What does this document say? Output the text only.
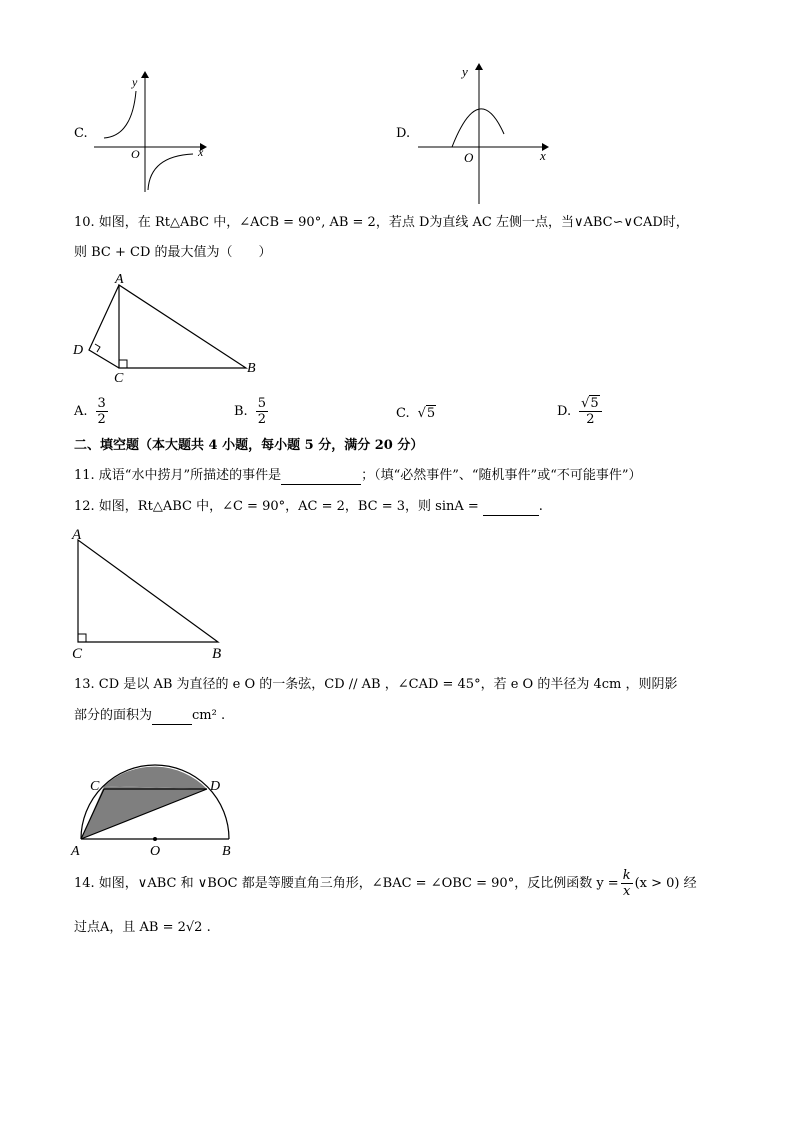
C.
y
x
O
D.
y
x
O
10. 如图，在 Rt△ABC 中，∠ACB = 90°, AB = 2，若点 D为直线 AC 左侧一点，当∨ABC∽∨CAD时，
则 BC + CD 的最大值为（　　）
A
B
C
D
A. $\frac{3}{2}$	B. $\frac{5}{2}$	C. √5	D. $\frac{√5}{2}$
二、填空题（本大题共 4 小题，每小题 5 分，满分 20 分）
11. 成语“水中捞月”所描述的事件是	；（填“必然事件”、“随机事件”或“不可能事件”）
12. 如图，Rt△ABC 中，∠C = 90°，AC = 2，BC = 3，则 sinA =	.
A
C	B
13. CD 是以 AB 为直径的 e O 的一条弦，CD // AB ，∠CAD = 45°，若 e O 的半径为 4cm ，则阴影
部分的面积为	cm² .
C	D
A	O	B
14. 如图，∨ABC 和 ∨BOC 都是等腰直角三角形，∠BAC = ∠OBC = 90°，反比例函数 $y = \frac{k}{x} (x > 0)$ 经
过点A，且 AB = 2√2 .
